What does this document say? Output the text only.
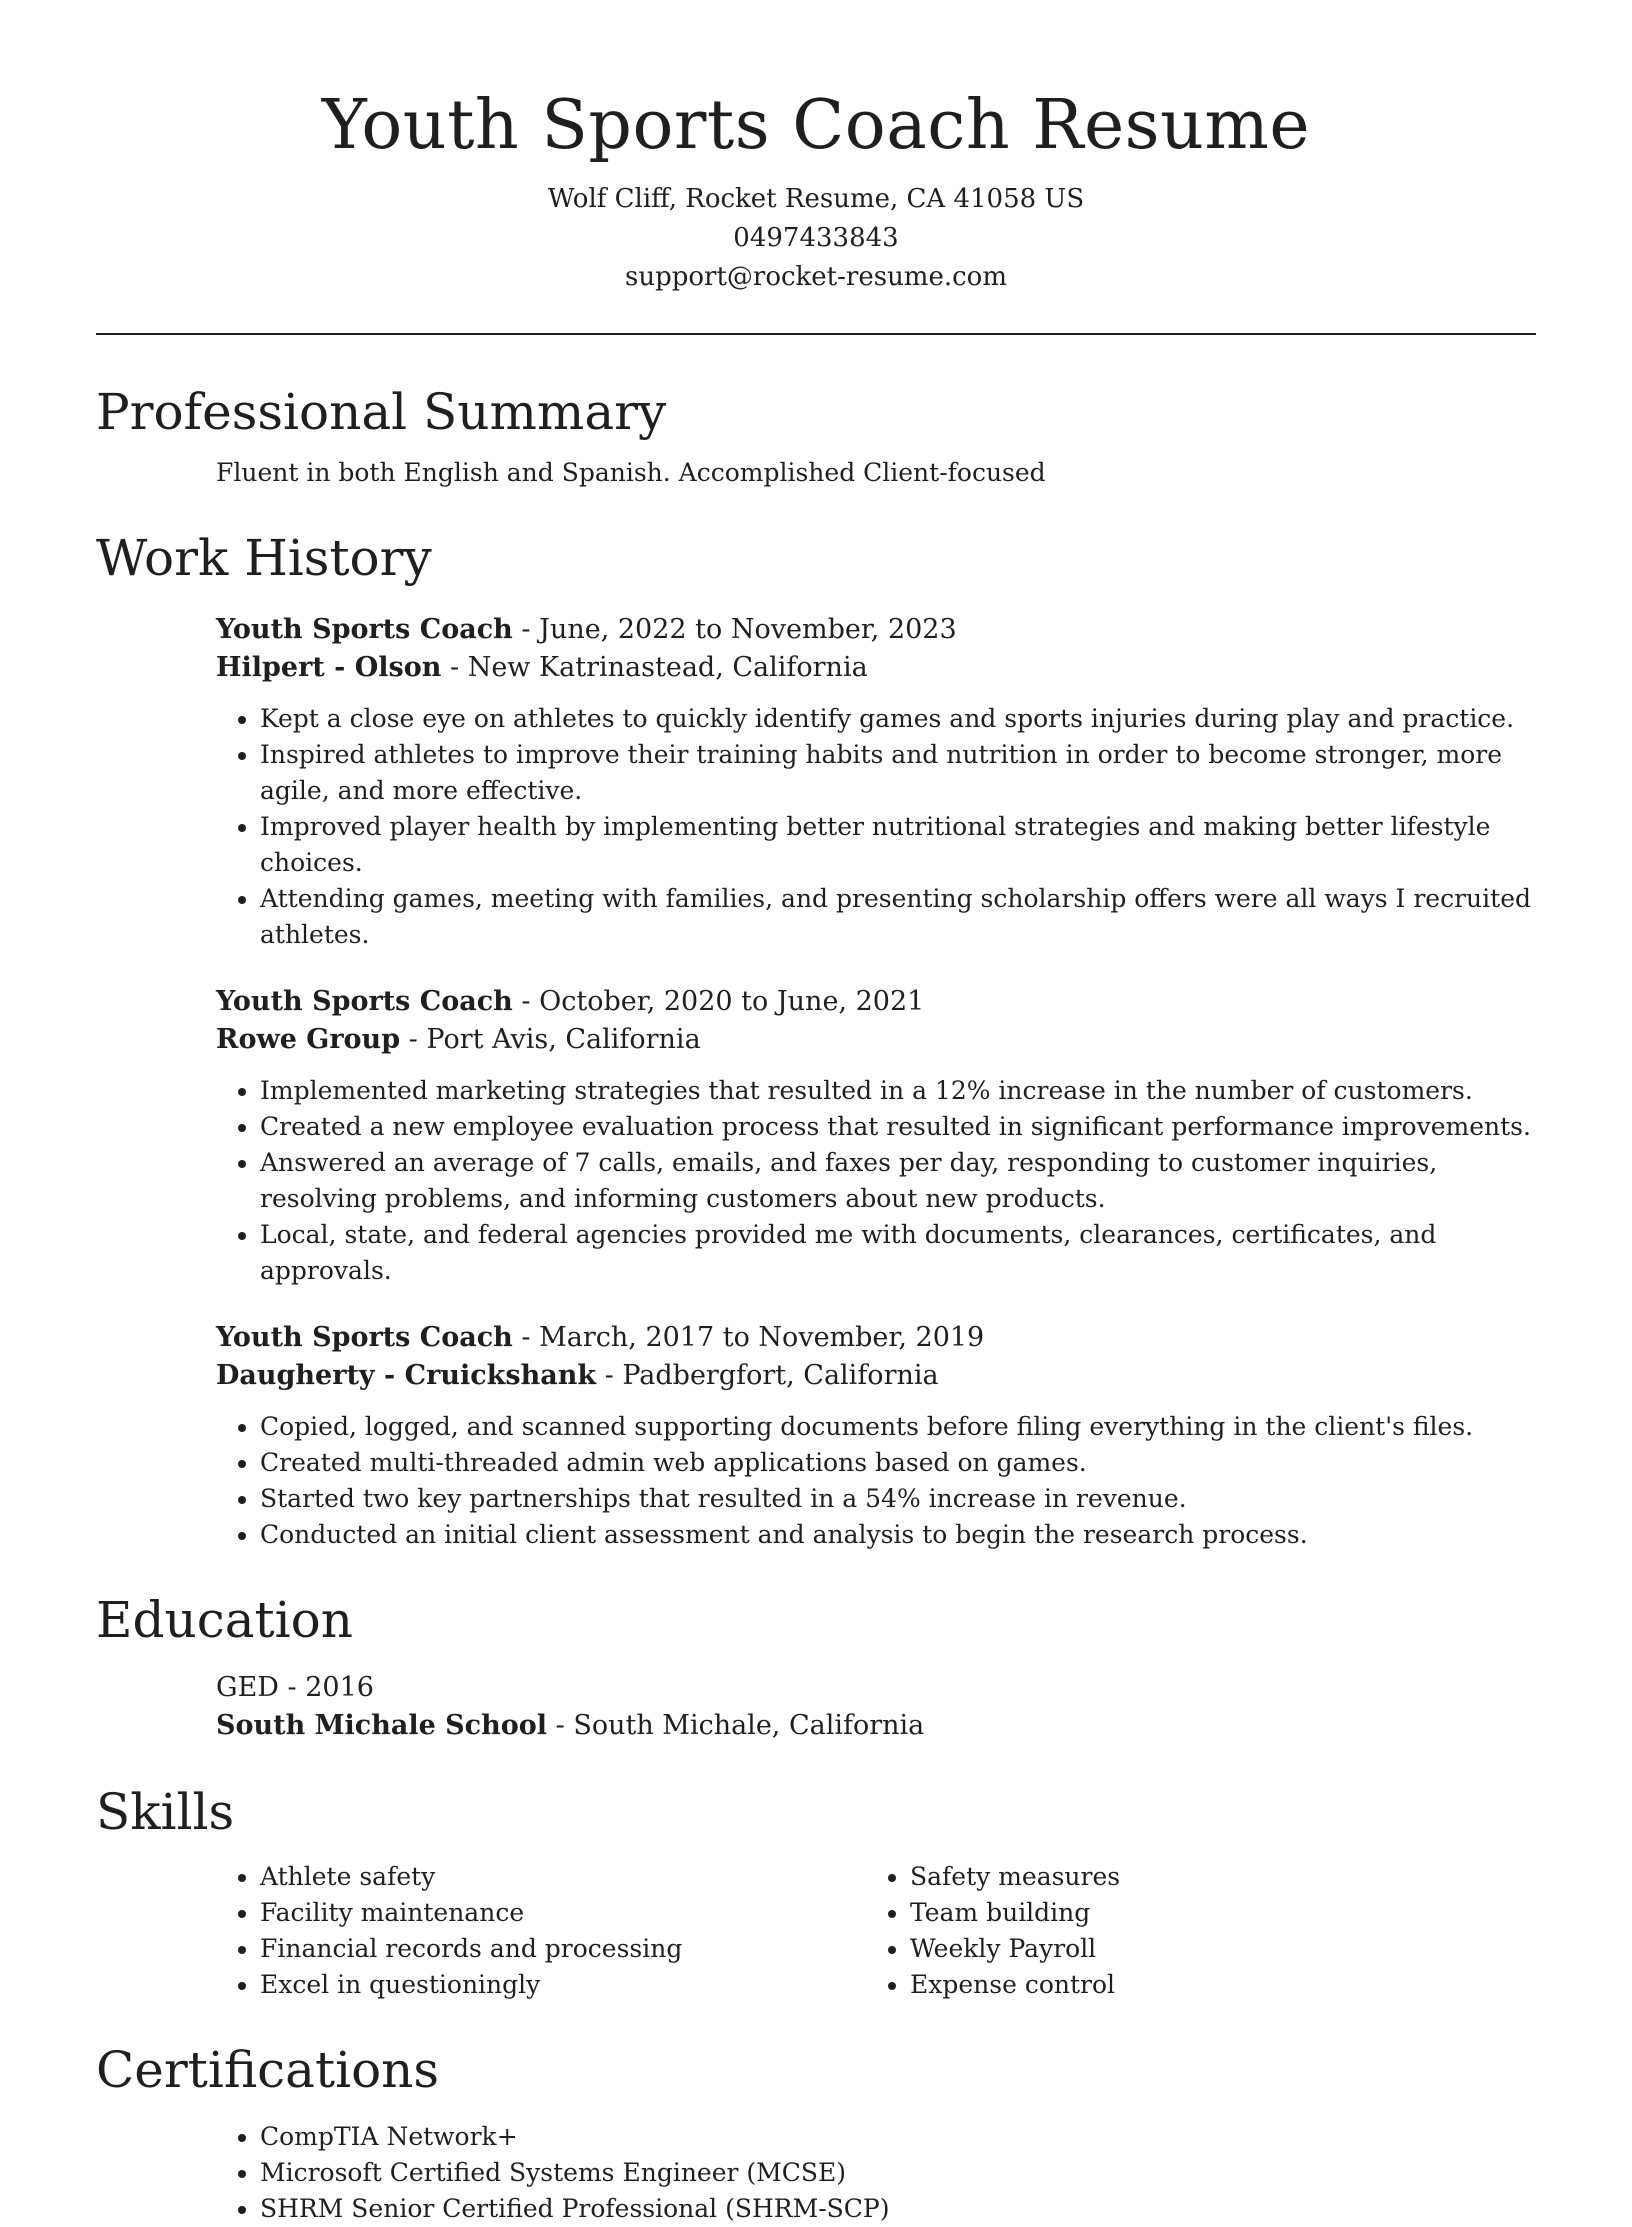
Youth Sports Coach Resume

Wolf Cliff, Rocket Resume, CA 41058 US

0497433843

support@rocket-resume.com

Professional Summary

Fluent in both English and Spanish. Accomplished Client-focused

Work History

Youth Sports Coach - June, 2022 to November, 2023

Hilpert - Olson - New Katrinastead, California

• Kept a close eye on athletes to quickly identify games and sports injuries during play and practice.
• Inspired athletes to improve their training habits and nutrition in order to become stronger, more agile, and more effective.
• Improved player health by implementing better nutritional strategies and making better lifestyle choices.
• Attending games, meeting with families, and presenting scholarship offers were all ways I recruited athletes.

Youth Sports Coach - October, 2020 to June, 2021

Rowe Group - Port Avis, California

• Implemented marketing strategies that resulted in a 12% increase in the number of customers.
• Created a new employee evaluation process that resulted in significant performance improvements.
• Answered an average of 7 calls, emails, and faxes per day, responding to customer inquiries, resolving problems, and informing customers about new products.
• Local, state, and federal agencies provided me with documents, clearances, certificates, and approvals.

Youth Sports Coach - March, 2017 to November, 2019

Daugherty - Cruickshank - Padbergfort, California

• Copied, logged, and scanned supporting documents before filing everything in the client's files.
• Created multi-threaded admin web applications based on games.
• Started two key partnerships that resulted in a 54% increase in revenue.
• Conducted an initial client assessment and analysis to begin the research process.
Education

GED - 2016

South Michale School - South Michale, California

Skills
• Athlete safety
• Facility maintenance
• Financial records and processing
• Excel in questioningly
• Safety measures
• Team building
• Weekly Payroll
• Expense control
Certifications
• CompTIA Network+
• Microsoft Certified Systems Engineer (MCSE)
• SHRM Senior Certified Professional (SHRM-SCP)
